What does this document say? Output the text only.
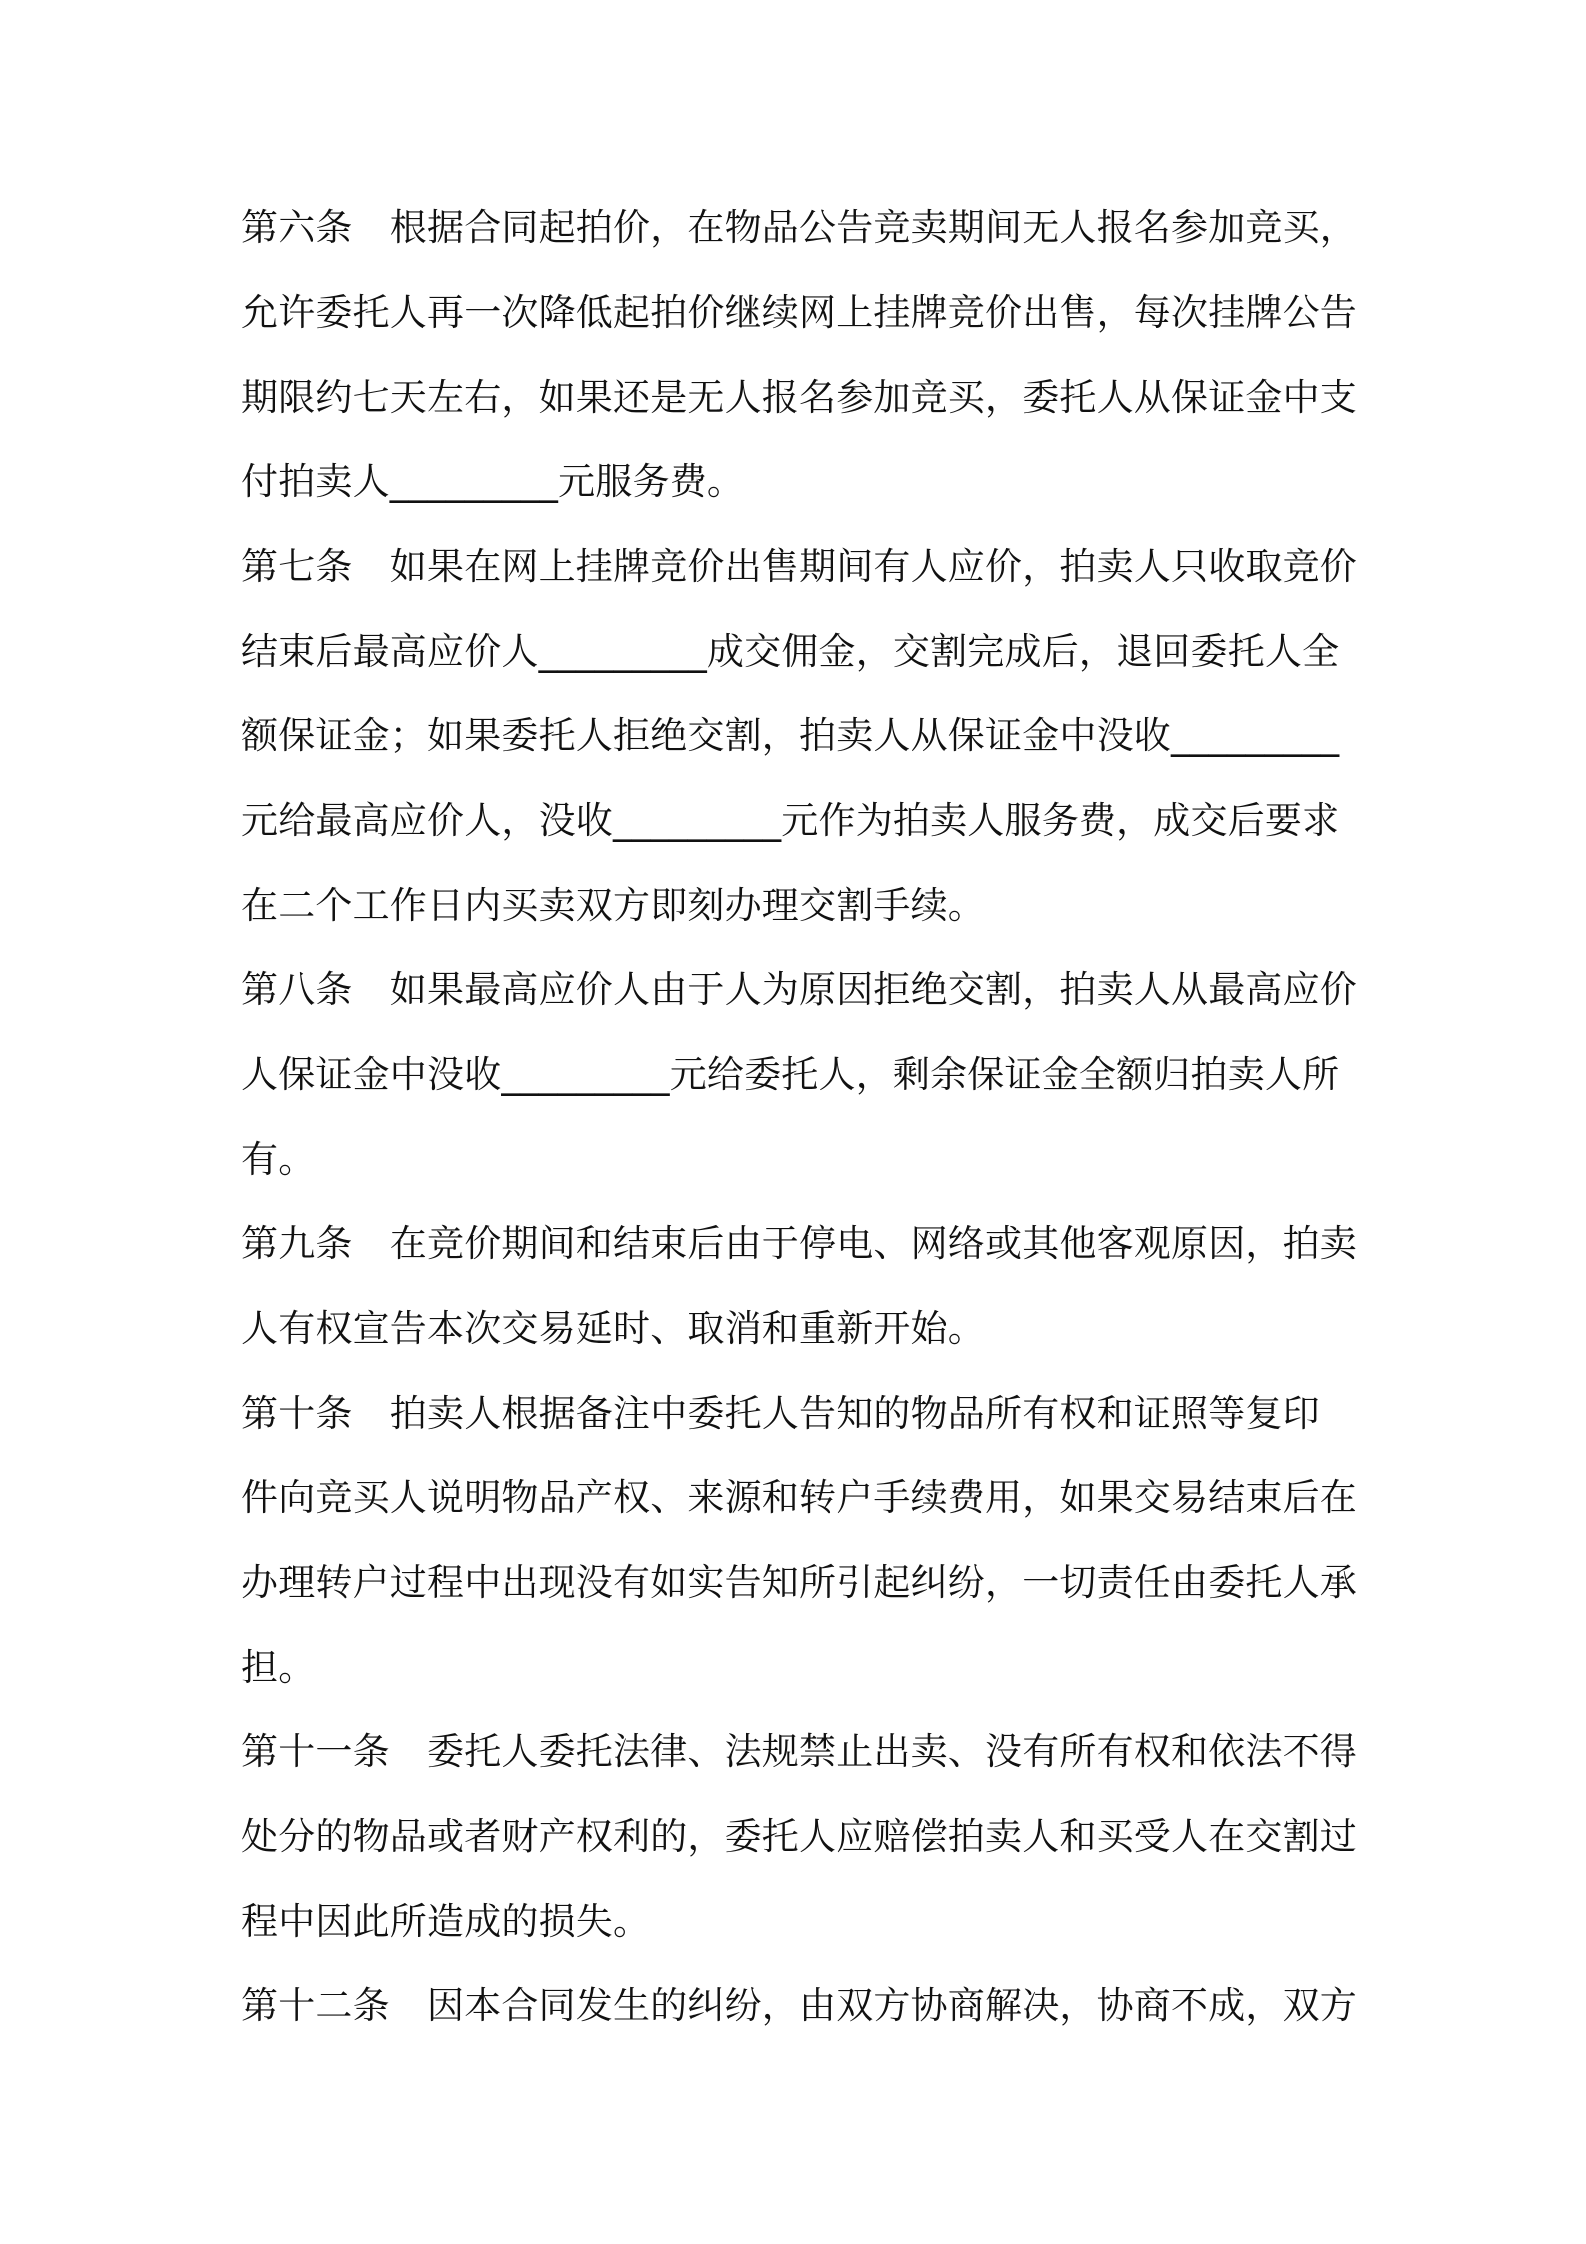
第六条　根据合同起拍价，在物品公告竞卖期间无人报名参加竞买，
允许委托人再一次降低起拍价继续网上挂牌竞价出售，每次挂牌公告
期限约七天左右，如果还是无人报名参加竞买，委托人从保证金中支
付拍卖人_________元服务费。
第七条　如果在网上挂牌竞价出售期间有人应价，拍卖人只收取竞价
结束后最高应价人_________成交佣金，交割完成后，退回委托人全
额保证金；如果委托人拒绝交割，拍卖人从保证金中没收_________
元给最高应价人，没收_________元作为拍卖人服务费，成交后要求
在二个工作日内买卖双方即刻办理交割手续。
第八条　如果最高应价人由于人为原因拒绝交割，拍卖人从最高应价
人保证金中没收_________元给委托人，剩余保证金全额归拍卖人所
有。
第九条　在竞价期间和结束后由于停电、网络或其他客观原因，拍卖
人有权宣告本次交易延时、取消和重新开始。
第十条　拍卖人根据备注中委托人告知的物品所有权和证照等复印
件向竞买人说明物品产权、来源和转户手续费用，如果交易结束后在
办理转户过程中出现没有如实告知所引起纠纷，一切责任由委托人承
担。
第十一条　委托人委托法律、法规禁止出卖、没有所有权和依法不得
处分的物品或者财产权利的，委托人应赔偿拍卖人和买受人在交割过
程中因此所造成的损失。
第十二条　因本合同发生的纠纷，由双方协商解决，协商不成，双方
